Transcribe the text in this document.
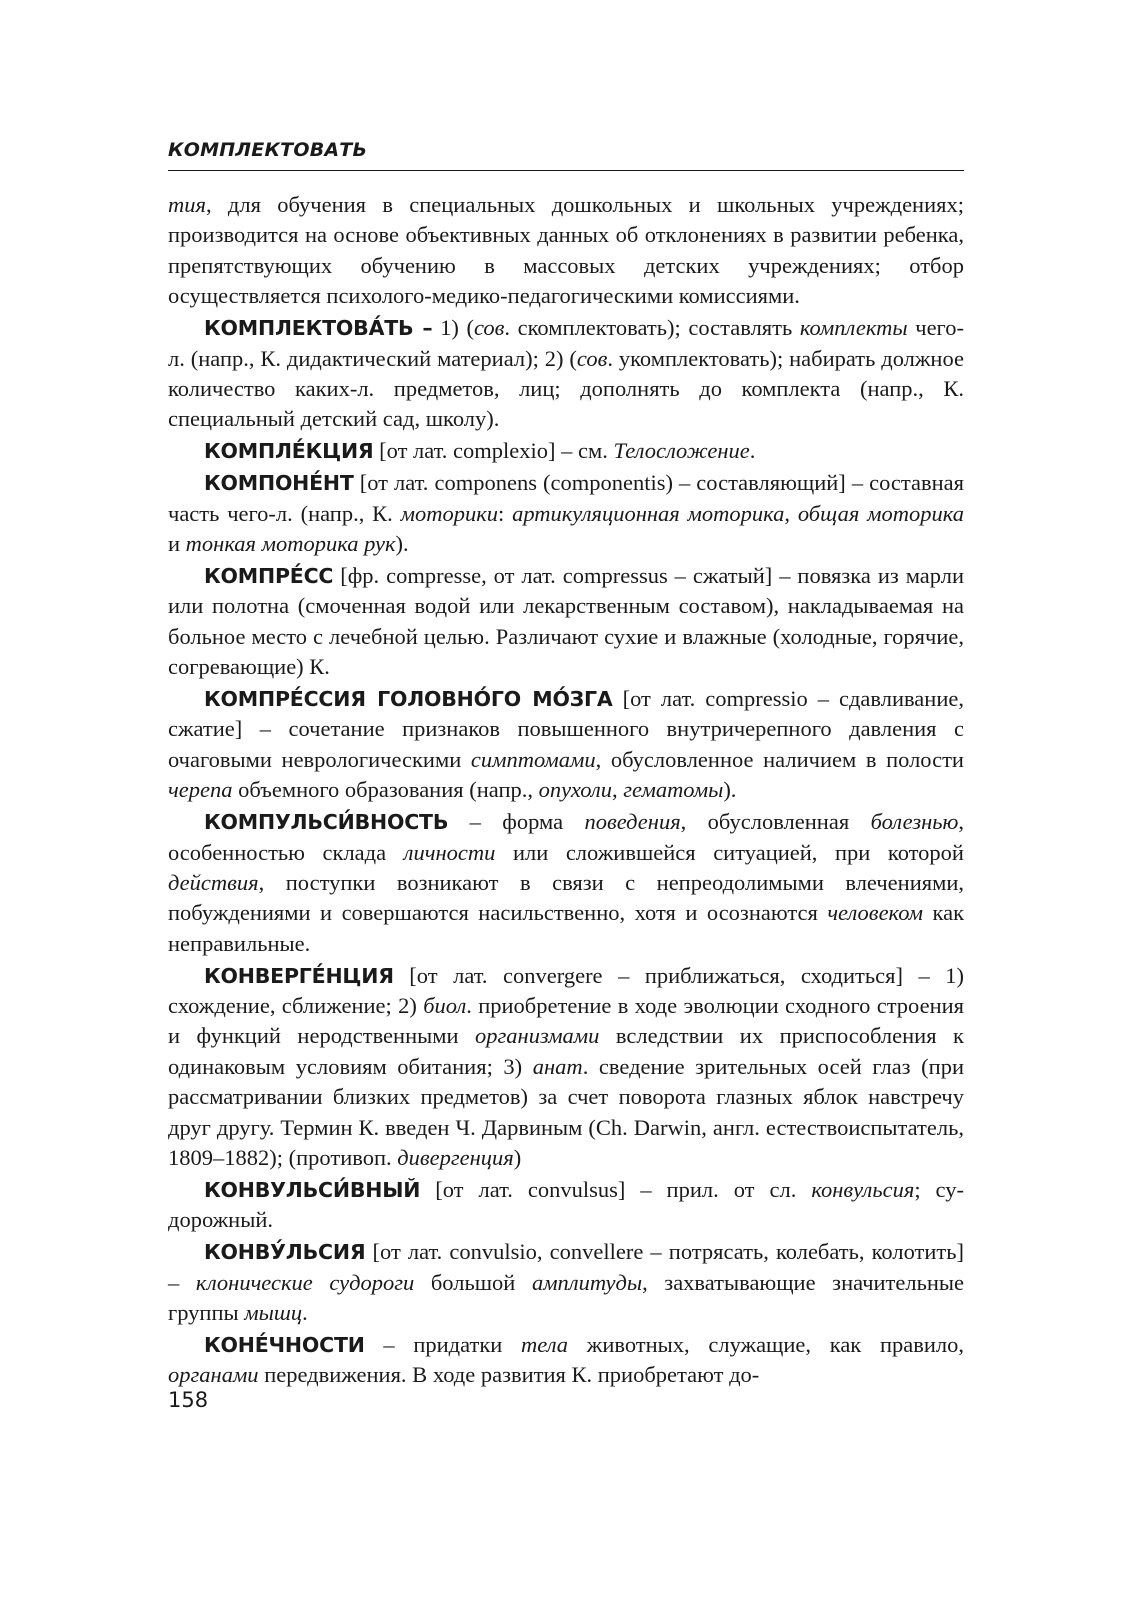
КОМПЛЕКТОВАТЬ

тия, для обучения в специальных дошкольных и школьных учреждениях; производится на основе объективных данных об отклонениях в развитии ребенка, препятствующих обучению в массовых детских учреждениях; отбор осуществляется психолого-медико-педагогическими комиссиями.

КОМПЛЕКТОВА́ТЬ – 1) (сов. скомплектовать); составлять комплекты чего-л. (напр., К. дидактический материал); 2) (сов. укомплектовать); набирать должное количество каких-л. предметов, лиц; дополнять до комплекта (напр., К. специальный детский сад, школу).

КОМПЛЕ́КЦИЯ [от лат. complexio] – см. Телосложение.

КОМПОНЕ́НТ [от лат. componens (componentis) – составляющий] – составная часть чего-л. (напр., К. моторики: артикуляционная моторика, общая моторика и тонкая моторика рук).

КОМПРЕ́СС [фр. compresse, от лат. compressus – сжатый] – повязка из марли или полотна (смоченная водой или лекарственным составом), накладываемая на больное место с лечебной целью. Различают сухие и влажные (холодные, горячие, согревающие) К.

КОМПРЕ́ССИЯ ГОЛОВНО́ГО МО́ЗГА [от лат. compressio – сдавливание, сжатие] – сочетание признаков повышенного внутричерепного давления с очаговыми неврологическими симптомами, обусловленное наличием в полости черепа объемного образования (напр., опухоли, гематомы).

КОМПУЛЬСИ́ВНОСТЬ – форма поведения, обусловленная болезнью, особенностью склада личности или сложившейся ситуацией, при которой действия, поступки возникают в связи с непреодолимыми влечениями, побуждениями и совершаются насильственно, хотя и осознаются человеком как неправильные.

КОНВЕРГЕ́НЦИЯ [от лат. convergere – приближаться, сходиться] – 1) схождение, сближение; 2) биол. приобретение в ходе эволюции сходного строения и функций неродственными организмами вследствии их приспособления к одинаковым условиям обитания; 3) анат. сведение зрительных осей глаз (при рассматривании близких предметов) за счет поворота глазных яблок навстречу друг другу. Термин К. введен Ч. Дарвиным (Ch. Darwin, англ. естествоиспытатель, 1809–1882); (противоп. дивергенция)

КОНВУЛЬСИ́ВНЫЙ [от лат. convulsus] – прил. от сл. конвульсия; судорожный.

КОНВУ́ЛЬСИЯ [от лат. convulsio, convellere – потрясать, колебать, колотить] – клонические судороги большой амплитуды, захватывающие значительные группы мышц.

КОНЕ́ЧНОСТИ – придатки тела животных, служащие, как правило, органами передвижения. В ходе развития К. приобретают до-

158
